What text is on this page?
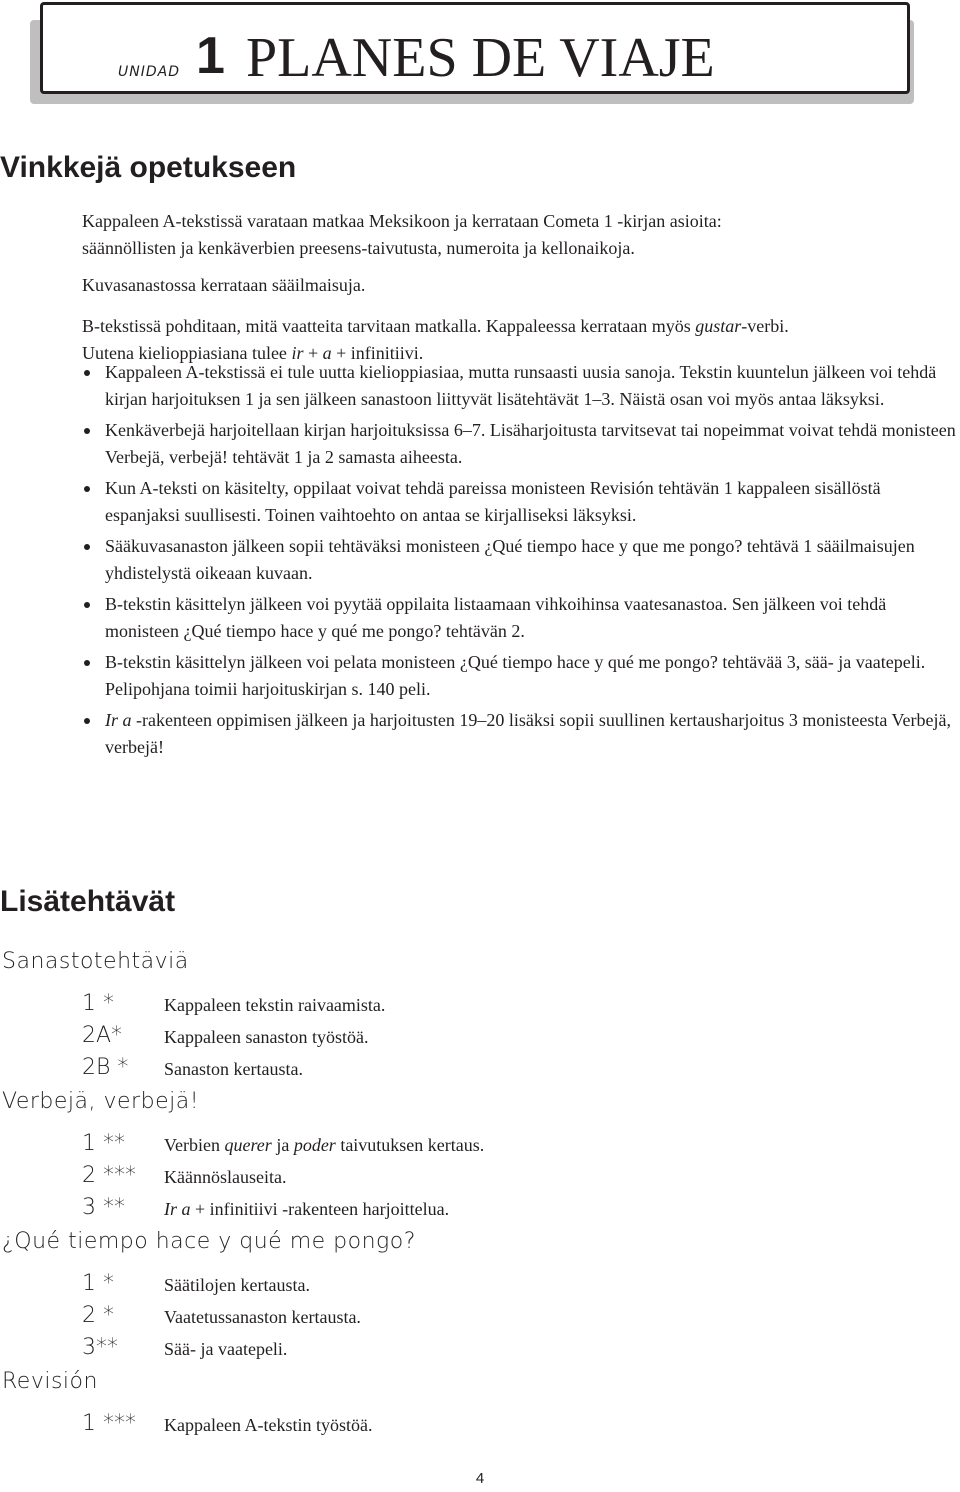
UNIDAD 1 PLANES DE VIAJE
Vinkkejä opetukseen

Kappaleen A-tekstissä varataan matkaa Meksikoon ja kerrataan Cometa 1 -kirjan asioita:
säännöllisten ja kenkäverbien preesens-taivutusta, numeroita ja kellonaikoja.

Kuvasanastossa kerrataan sääilmaisuja.

B-tekstissä pohditaan, mitä vaatteita tarvitaan matkalla. Kappaleessa kerrataan myös gustar-verbi.
Uutena kielioppiasiana tulee ir + a + infinitiivi.

Kappaleen A-tekstissä ei tule uutta kielioppiasiaa, mutta runsaasti uusia sanoja. Tekstin kuuntelun jälkeen voi tehdä kirjan harjoituksen 1 ja sen jälkeen sanastoon liittyvät lisätehtävät 1–3. Näistä osan voi myös antaa läksyksi.
Kenkäverbejä harjoitellaan kirjan harjoituksissa 6–7. Lisäharjoitusta tarvitsevat tai nopeimmat voivat tehdä monisteen Verbejä, verbejä! tehtävät 1 ja 2 samasta aiheesta.
Kun A-teksti on käsitelty, oppilaat voivat tehdä pareissa monisteen Revisión tehtävän 1 kappaleen sisällöstä espanjaksi suullisesti. Toinen vaihtoehto on antaa se kirjalliseksi läksyksi.
Sääkuvasanaston jälkeen sopii tehtäväksi monisteen ¿Qué tiempo hace y que me pongo? tehtävä 1 sääilmaisujen yhdistelystä oikeaan kuvaan.
B-tekstin käsittelyn jälkeen voi pyytää oppilaita listaamaan vihkoihinsa vaatesanastoa. Sen jälkeen voi tehdä monisteen ¿Qué tiempo hace y qué me pongo? tehtävän 2.
B-tekstin käsittelyn jälkeen voi pelata monisteen ¿Qué tiempo hace y qué me pongo? tehtävää 3, sää- ja vaatepeli. Pelipohjana toimii harjoituskirjan s. 140 peli.
Ir a -rakenteen oppimisen jälkeen ja harjoitusten 19–20 lisäksi sopii suullinen kertausharjoitus 3 monisteesta Verbejä, verbejä!
Lisätehtävät
Sanastotehtäviä
1 *	Kappaleen tekstin raivaamista.
2A* Kappaleen sanaston työstöä.
2B * Sanaston kertausta.
Verbejä, verbejä!
1 ** Verbien querer ja poder taivutuksen kertaus.
2 *** Käännöslauseita.
3 ** Ir a + infinitiivi -rakenteen harjoittelua.
¿Qué tiempo hace y qué me pongo?
1 *	Säätilojen kertausta.
2 *	Vaatetussanaston kertausta.
3**	Sää- ja vaatepeli.
Revisión
1 *** Kappaleen A-tekstin työstöä.
4
